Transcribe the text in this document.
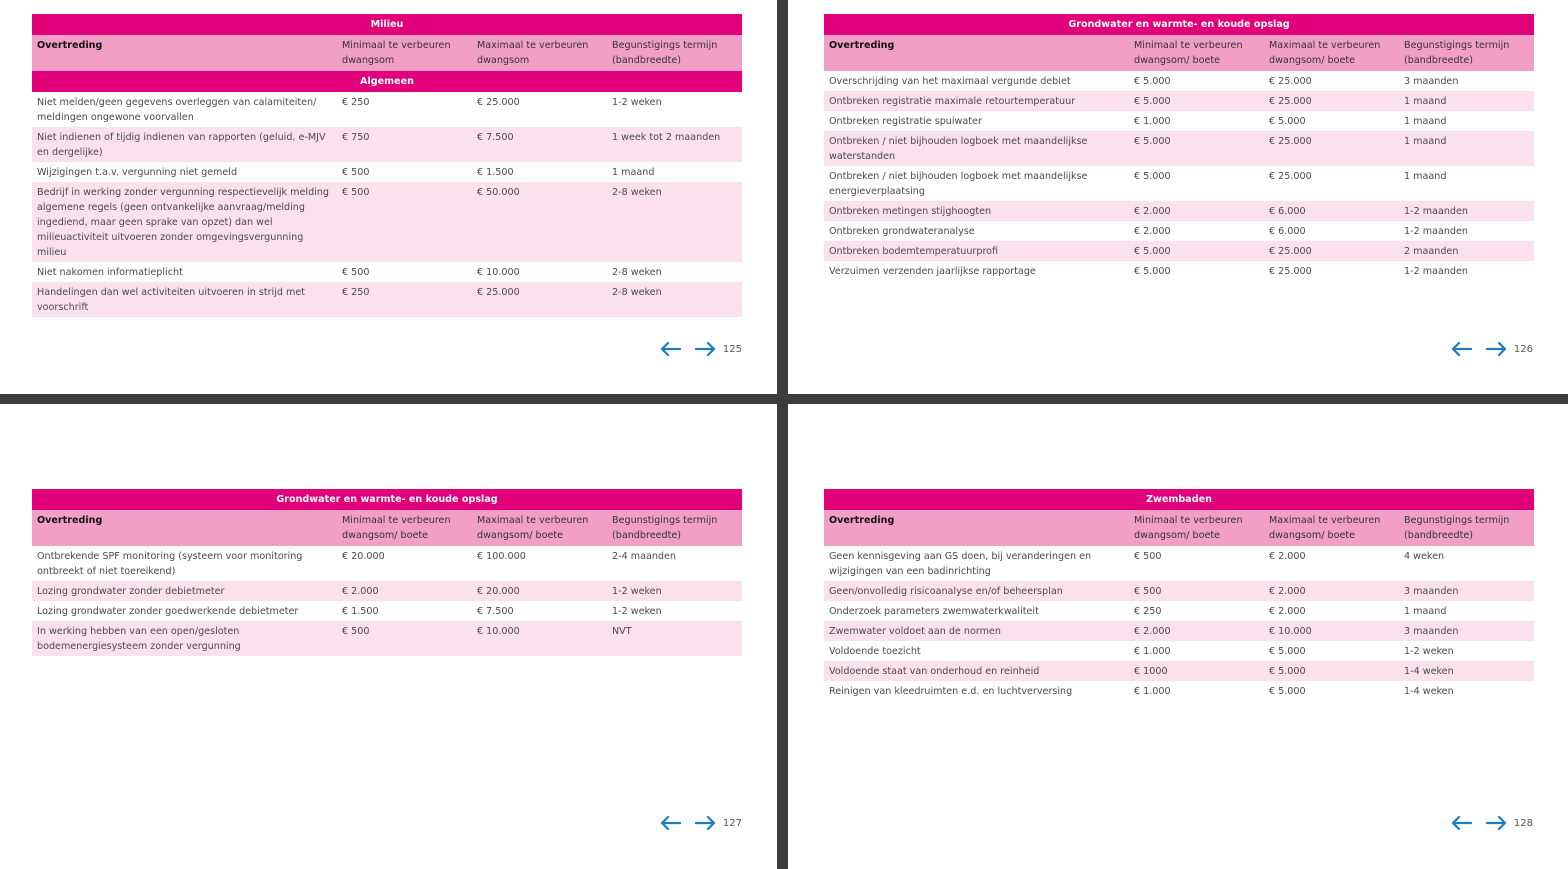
Milieu			
Overtreding	Minimaal te verbeuren dwangsom	Maximaal te verbeuren dwangsom	Begunstigings termijn (bandbreedte)
Algemeen			
Niet melden/geen gegevens overleggen van calamiteiten/ meldingen ongewone voorvallen	€ 250	€ 25.000	1-2 weken
Niet indienen of tijdig indienen van rapporten (geluid, e-MJV en dergelijke)	€ 750	€ 7.500	1 week tot 2 maanden
Wijzigingen t.a.v. vergunning niet gemeld	€ 500	€ 1.500	1 maand
Bedrijf in werking zonder vergunning respectievelijk melding algemene regels (geen ontvankelijke aanvraag/melding ingediend, maar geen sprake van opzet) dan wel milieuactiviteit uitvoeren zonder omgevingsvergunning milieu	€ 500	€ 50.000	2-8 weken
Niet nakomen informatieplicht	€ 500	€ 10.000	2-8 weken
Handelingen dan wel activiteiten uitvoeren in strijd met voorschrift	€ 250	€ 25.000	2-8 weken
125
Grondwater en warmte- en koude opslag			
Overtreding	Minimaal te verbeuren dwangsom/ boete	Maximaal te verbeuren dwangsom/ boete	Begunstigings termijn (bandbreedte)
Overschrijding van het maximaal vergunde debiet	€ 5.000	€ 25.000	3 maanden
Ontbreken registratie maximale retourtemperatuur	€ 5.000	€ 25.000	1 maand
Ontbreken registratie spuiwater	€ 1.000	€ 5.000	1 maand
Ontbreken / niet bijhouden logboek met maandelijkse waterstanden	€ 5.000	€ 25.000	1 maand
Ontbreken / niet bijhouden logboek met maandelijkse energieverplaatsing	€ 5.000	€ 25.000	1 maand
Ontbreken metingen stijghoogten	€ 2.000	€ 6.000	1-2 maanden
Ontbreken grondwateranalyse	€ 2.000	€ 6.000	1-2 maanden
Ontbreken bodemtemperatuurprofi	€ 5.000	€ 25.000	2 maanden
Verzuimen verzenden jaarlijkse rapportage	€ 5.000	€ 25.000	1-2 maanden
126
Grondwater en warmte- en koude opslag			
Overtreding	Minimaal te verbeuren dwangsom/ boete	Maximaal te verbeuren dwangsom/ boete	Begunstigings termijn (bandbreedte)
Ontbrekende SPF monitoring (systeem voor monitoring ontbreekt of niet toereikend)	€ 20.000	€ 100.000	2-4 maanden
Lozing grondwater zonder debietmeter	€ 2.000	€ 20.000	1-2 weken
Lozing grondwater zonder goedwerkende debietmeter	€ 1.500	€ 7.500	1-2 weken
In werking hebben van een open/gesloten bodemenergiesysteem zonder vergunning	€ 500	€ 10.000	NVT
127
Zwembaden			
Overtreding	Minimaal te verbeuren dwangsom/ boete	Maximaal te verbeuren dwangsom/ boete	Begunstigings termijn (bandbreedte)
Geen kennisgeving aan GS doen, bij veranderingen en wijzigingen van een badinrichting	€ 500	€ 2.000	4 weken
Geen/onvolledig risicoanalyse en/of beheersplan	€ 500	€ 2.000	3 maanden
Onderzoek parameters zwemwaterkwaliteit	€ 250	€ 2.000	1 maand
Zwemwater voldoet aan de normen	€ 2.000	€ 10.000	3 maanden
Voldoende toezicht	€ 1.000	€ 5.000	1-2 weken
Voldoende staat van onderhoud en reinheid	€ 1000	€ 5.000	1-4 weken
Reinigen van kleedruimten e.d. en luchtverversing	€ 1.000	€ 5.000	1-4 weken
128
